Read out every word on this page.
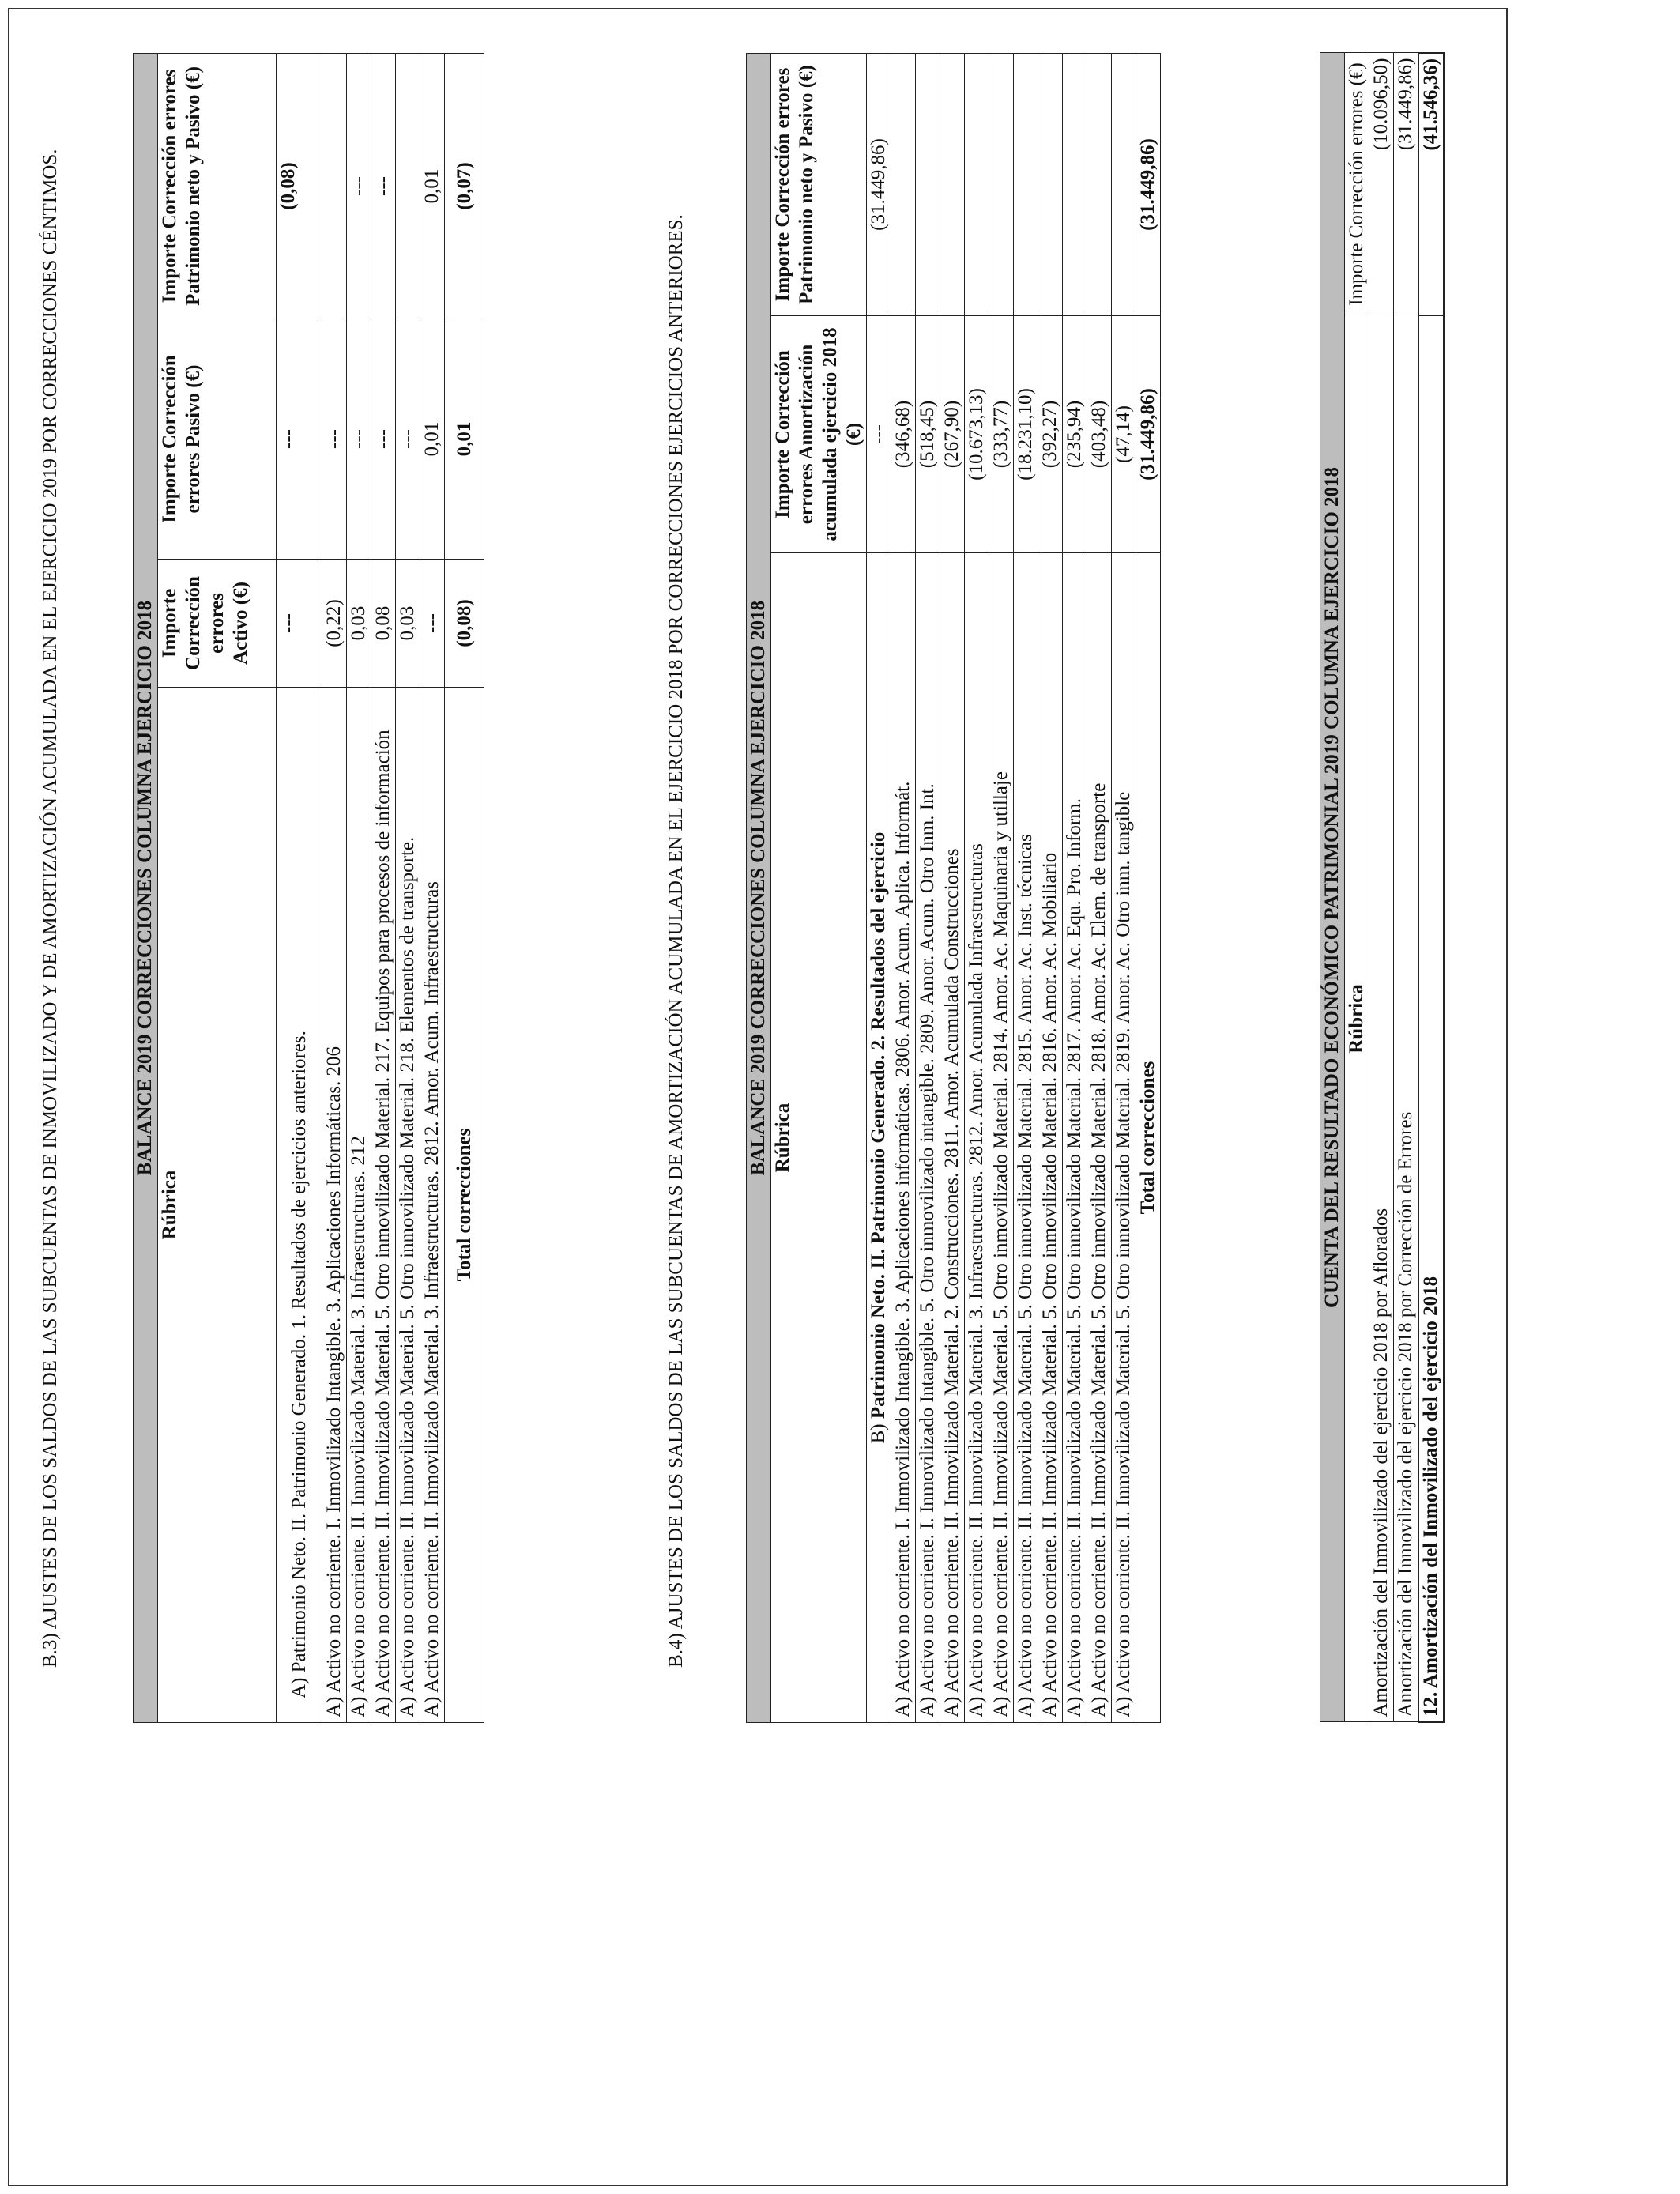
B.3) AJUSTES DE LOS SALDOS DE LAS SUBCUENTAS DE INMOVILIZADO Y DE AMORTIZACIÓN ACUMULADA EN EL EJERCICIO 2019 POR CORRECCIONES CÉNTIMOS.	BALANCE 2019 CORRECCIONES COLUMNA EJERCICIO 2018			
Rúbrica	Importe Corrección errores Activo (€)	Importe Corrección errores Pasivo (€)	Importe Corrección errores Patrimonio neto y Pasivo (€)
A) Patrimonio Neto. II. Patrimonio Generado. 1. Resultados de ejercicios anteriores.	---	---	(0,08)
A) Activo no corriente. I. Inmovilizado Intangible. 3. Aplicaciones Informáticas. 206	(0,22)	---	
A) Activo no corriente. II. Inmovilizado Material. 3. Infraestructuras. 212	0,03	---	---
A) Activo no corriente. II. Inmovilizado Material. 5. Otro inmovilizado Material. 217. Equipos para procesos de información	0,08	---	---
A) Activo no corriente. II. Inmovilizado Material. 5. Otro inmovilizado Material. 218. Elementos de transporte.	0,03	---	
A) Activo no corriente. II. Inmovilizado Material. 3. Infraestructuras. 2812. Amor. Acum. Infraestructuras	---	0,01	0,01
Total correcciones	(0,08)	0,01	(0,07)
B.4) AJUSTES DE LOS SALDOS DE LAS SUBCUENTAS DE AMORTIZACIÓN ACUMULADA EN EL EJERCICIO 2018 POR CORRECCIONES EJERCICIOS ANTERIORES.	BALANCE 2019 CORRECCIONES COLUMNA EJERCICIO 2018		
Rúbrica	Importe Corrección errores Amortización acumulada ejercicio 2018 (€)	Importe Corrección errores Patrimonio neto y Pasivo (€)
B) Patrimonio Neto. II. Patrimonio Generado. 2. Resultados del ejercicio	---	(31.449,86)
A) Activo no corriente. I. Inmovilizado Intangible. 3. Aplicaciones informáticas. 2806. Amor. Acum. Aplica. Informát.	(346,68)	
A) Activo no corriente. I. Inmovilizado Intangible. 5. Otro inmovilizado intangible. 2809. Amor. Acum. Otro Inm. Int.	(518,45)	
A) Activo no corriente. II. Inmovilizado Material. 2. Construcciones. 2811. Amor. Acumulada Construcciones	(267,90)	
A) Activo no corriente. II. Inmovilizado Material. 3. Infraestructuras. 2812. Amor. Acumulada Infraestructuras	(10.673,13)	
A) Activo no corriente. II. Inmovilizado Material. 5. Otro inmovilizado Material. 2814. Amor. Ac. Maquinaria y utillaje	(333,77)	
A) Activo no corriente. II. Inmovilizado Material. 5. Otro inmovilizado Material. 2815. Amor. Ac. Inst. técnicas	(18.231,10)	
A) Activo no corriente. II. Inmovilizado Material. 5. Otro inmovilizado Material. 2816. Amor. Ac. Mobiliario	(392,27)	
A) Activo no corriente. II. Inmovilizado Material. 5. Otro inmovilizado Material. 2817. Amor. Ac. Equ. Pro. Inform.	(235,94)	
A) Activo no corriente. II. Inmovilizado Material. 5. Otro inmovilizado Material. 2818. Amor. Ac. Elem. de transporte	(403,48)	
A) Activo no corriente. II. Inmovilizado Material. 5. Otro inmovilizado Material. 2819. Amor. Ac. Otro inm. tangible	(47,14)	
Total correcciones	(31.449,86)	(31.449,86)
CUENTA DEL RESULTADO ECONÓMICO PATRIMONIAL 2019 COLUMNA EJERCICIO 2018	
Rúbrica	Importe Corrección errores (€)
Amortización del Inmovilizado del ejercicio 2018 por Aflorados	(10.096,50)
Amortización del Inmovilizado del ejercicio 2018 por Corrección de Errores	(31.449,86)
12. Amortización del Inmovilizado del ejercicio 2018	(41.546,36)
